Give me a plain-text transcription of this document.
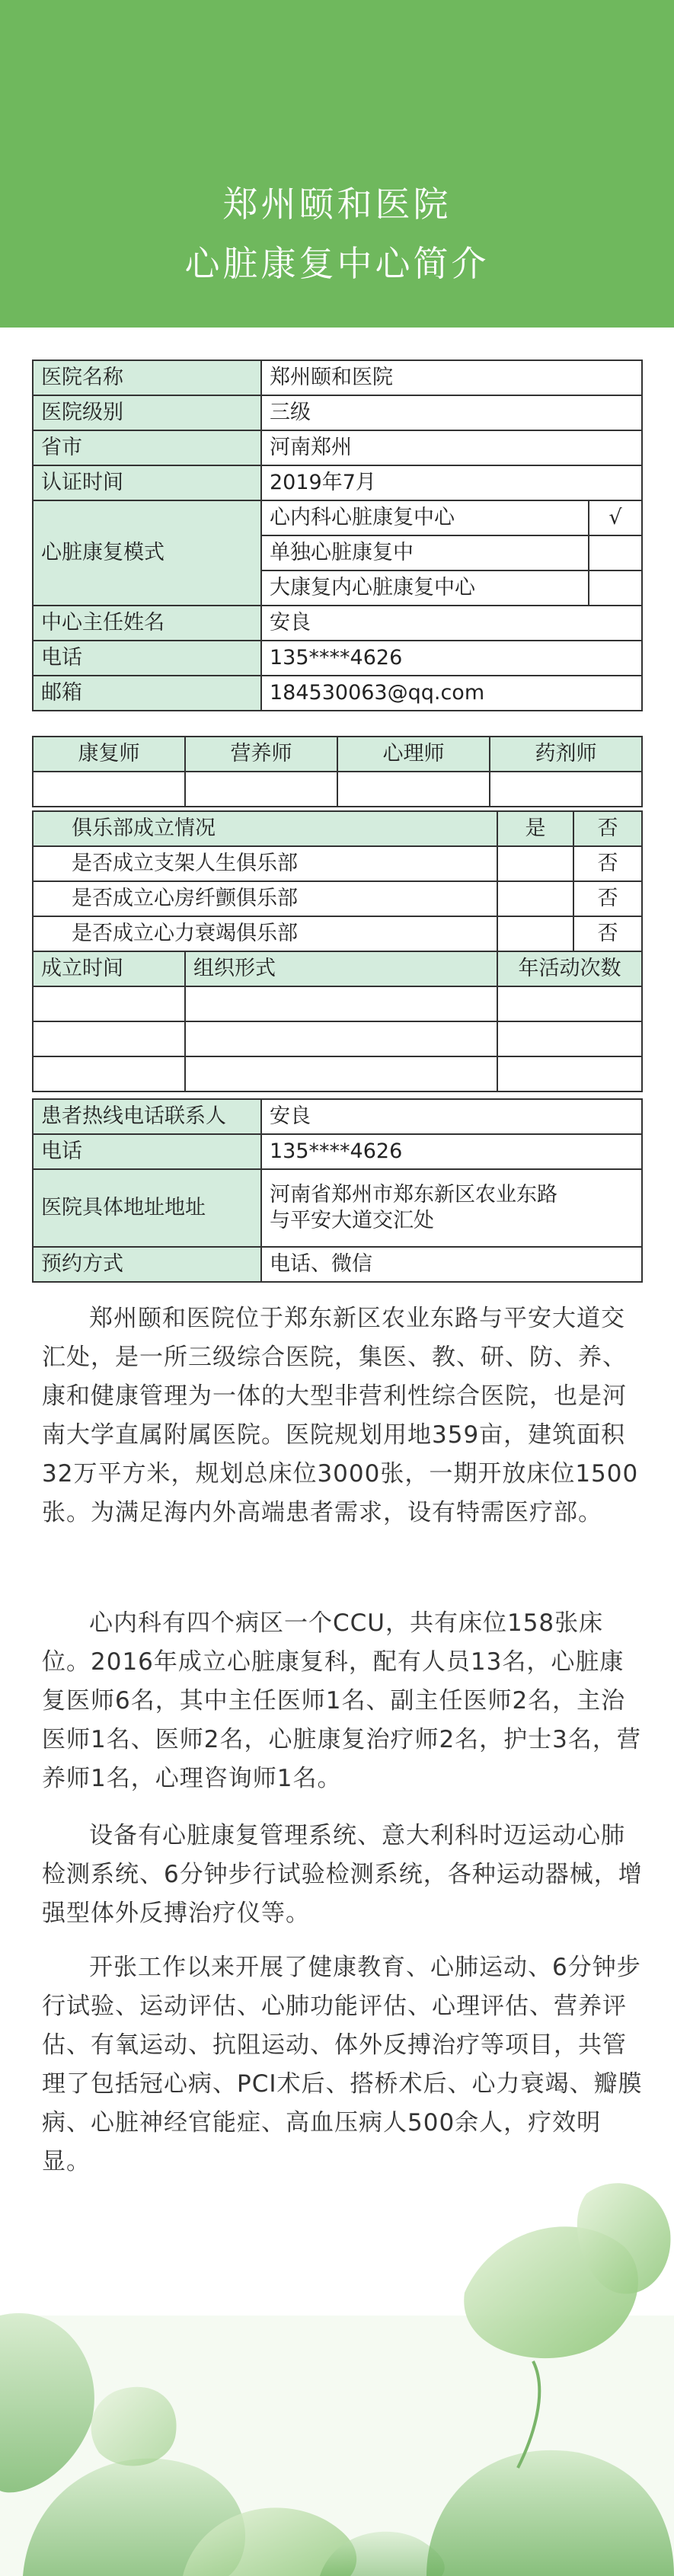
郑州颐和医院
心脏康复中心简介
医院名称	郑州颐和医院	
医院级别	三级	
省市	河南郑州	
认证时间	2019年7月	
心脏康复模式	心内科心脏康复中心	√
	单独心脏康复中	
	大康复内心脏康复中心	
中心主任姓名	安良	
电话	135****4626	
邮箱	184530063@qq.com	
康复师	营养师	心理师	药剂师

俱乐部成立情况		是	否
是否成立支架人生俱乐部			否
是否成立心房纤颤俱乐部			否
是否成立心力衰竭俱乐部			否
成立时间	组织形式	年活动次数	

患者热线电话联系人	安良
电话	135****4626
医院具体地址地址	河南省郑州市郑东新区农业东路
与平安大道交汇处
预约方式	电话、微信

郑州颐和医院位于郑东新区农业东路与平安大道交汇处，是一所三级综合医院，集医、教、研、防、养、康和健康管理为一体的大型非营利性综合医院，也是河南大学直属附属医院。医院规划用地359亩，建筑面积32万平方米，规划总床位3000张，一期开放床位1500张。为满足海内外高端患者需求，设有特需医疗部。

心内科有四个病区一个CCU，共有床位158张床位。2016年成立心脏康复科，配有人员13名，心脏康复医师6名，其中主任医师1名、副主任医师2名，主治医师1名、医师2名，心脏康复治疗师2名，护士3名，营养师1名，心理咨询师1名。

设备有心脏康复管理系统、意大利科时迈运动心肺检测系统、6分钟步行试验检测系统，各种运动器械，增强型体外反搏治疗仪等。

开张工作以来开展了健康教育、心肺运动、6分钟步行试验、运动评估、心肺功能评估、心理评估、营养评估、有氧运动、抗阻运动、体外反搏治疗等项目，共管理了包括冠心病、PCI术后、搭桥术后、心力衰竭、瓣膜病、心脏神经官能症、高血压病人500余人，疗效明显。
